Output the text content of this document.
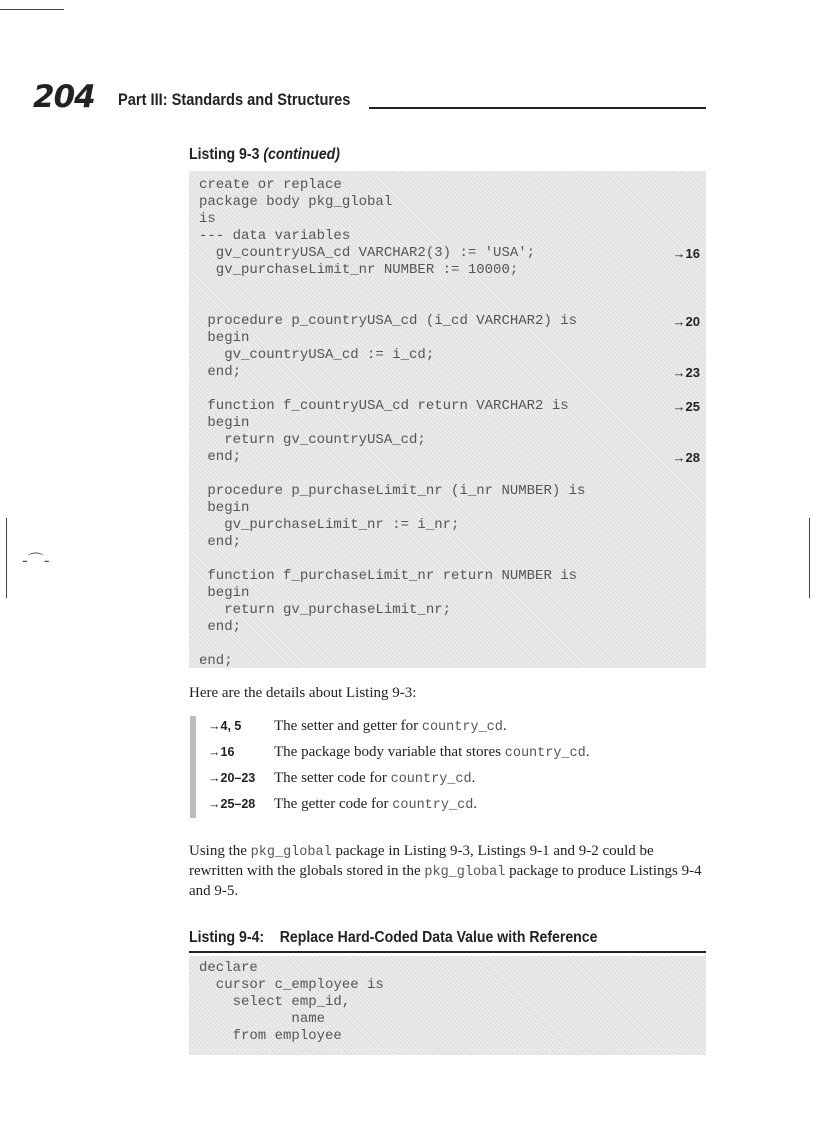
-⌒-
204 Part III: Standards and Structures
Listing 9-3 (continued)
create or replace
package body pkg_global
is
--- data variables
gv_countryUSA_cd VARCHAR2(3) := 'USA';	→16
gv_purchaseLimit_nr NUMBER := 10000;
procedure p_countryUSA_cd (i_cd VARCHAR2) is	→20
begin
gv_countryUSA_cd := i_cd;
end;	→23
function f_countryUSA_cd return VARCHAR2 is	→25
begin
return gv_countryUSA_cd;
end;	→28
procedure p_purchaseLimit_nr (i_nr NUMBER) is
begin
gv_purchaseLimit_nr := i_nr;
end;
function f_purchaseLimit_nr return NUMBER is
begin
return gv_purchaseLimit_nr;
end;
end;
Here are the details about Listing 9-3:
→4, 5 The setter and getter for country_cd.
→16	The package body variable that stores country_cd.
→20–23 The setter code for country_cd.
→25–28 The getter code for country_cd.
Using the pkg_global package in Listing 9-3, Listings 9-1 and 9-2 could be rewritten with the globals stored in the pkg_global package to produce Listings 9-4 and 9-5.
Listing 9-4:    Replace Hard-Coded Data Value with Reference
declare
cursor c_employee is
select emp_id,
name
from employee
